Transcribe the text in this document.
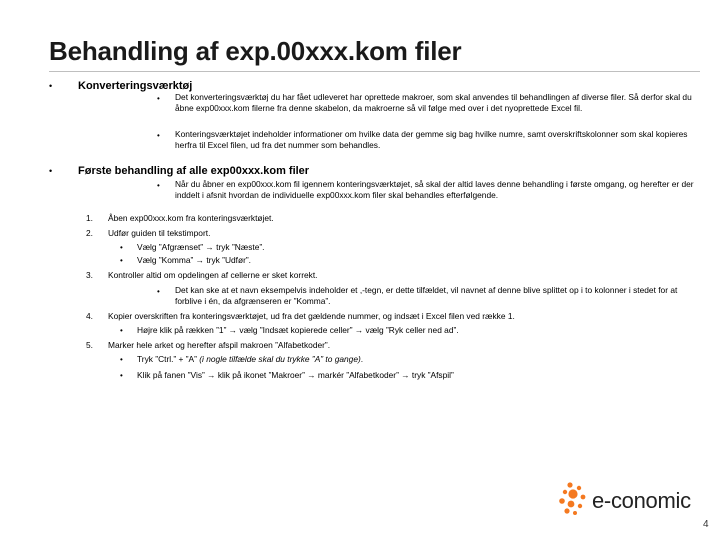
Behandling af exp.00xxx.kom filer
• Konverteringsværktøj
• Det konverteringsværktøj du har fået udleveret har oprettede makroer, som skal anvendes til behandlingen af diverse filer. Så derfor skal du åbne exp00xxx.kom filerne fra denne skabelon, da makroerne så vil følge med over i det nyoprettede Excel fil.
• Konteringsværktøjet indeholder informationer om hvilke data der gemme sig bag hvilke numre, samt overskriftskolonner som skal kopieres herfra til Excel filen, ud fra det nummer som behandles.
• Første behandling af alle exp00xxx.kom filer
• Når du åbner en exp00xxx.kom fil igennem konteringsværktøjet, så skal der altid laves denne behandling i første omgang, og herefter er der inddelt i afsnit hvordan de individuelle exp00xxx.kom filer skal behandles efterfølgende.
1. Åben exp00xxx.kom fra konteringsværktøjet.
2. Udfør guiden til tekstimport.
• Vælg ”Afgrænset” → tryk ”Næste”.
• Vælg ”Komma” → tryk ”Udfør”.
3. Kontroller altid om opdelingen af cellerne er sket korrekt.
• Det kan ske at et navn eksempelvis indeholder et ,-tegn, er dette tilfældet, vil navnet af denne blive splittet op i to kolonner i stedet for at forblive i én, da afgrænseren er ”Komma”.
4. Kopier overskriften fra konteringsværktøjet, ud fra det gældende nummer, og indsæt i Excel filen ved række 1.
• Højre klik på rækken ”1” → vælg ”Indsæt kopierede celler” → vælg ”Ryk celler ned ad”.
5. Marker hele arket og herefter afspil makroen ”Alfabetkoder”.
• Tryk ”Ctrl.” + ”A” (i nogle tilfælde skal du trykke ”A” to gange).
• Klik på fanen ”Vis” → klik på ikonet ”Makroer” → markér ”Alfabetkoder” → tryk ”Afspil”
e-conomic
4
